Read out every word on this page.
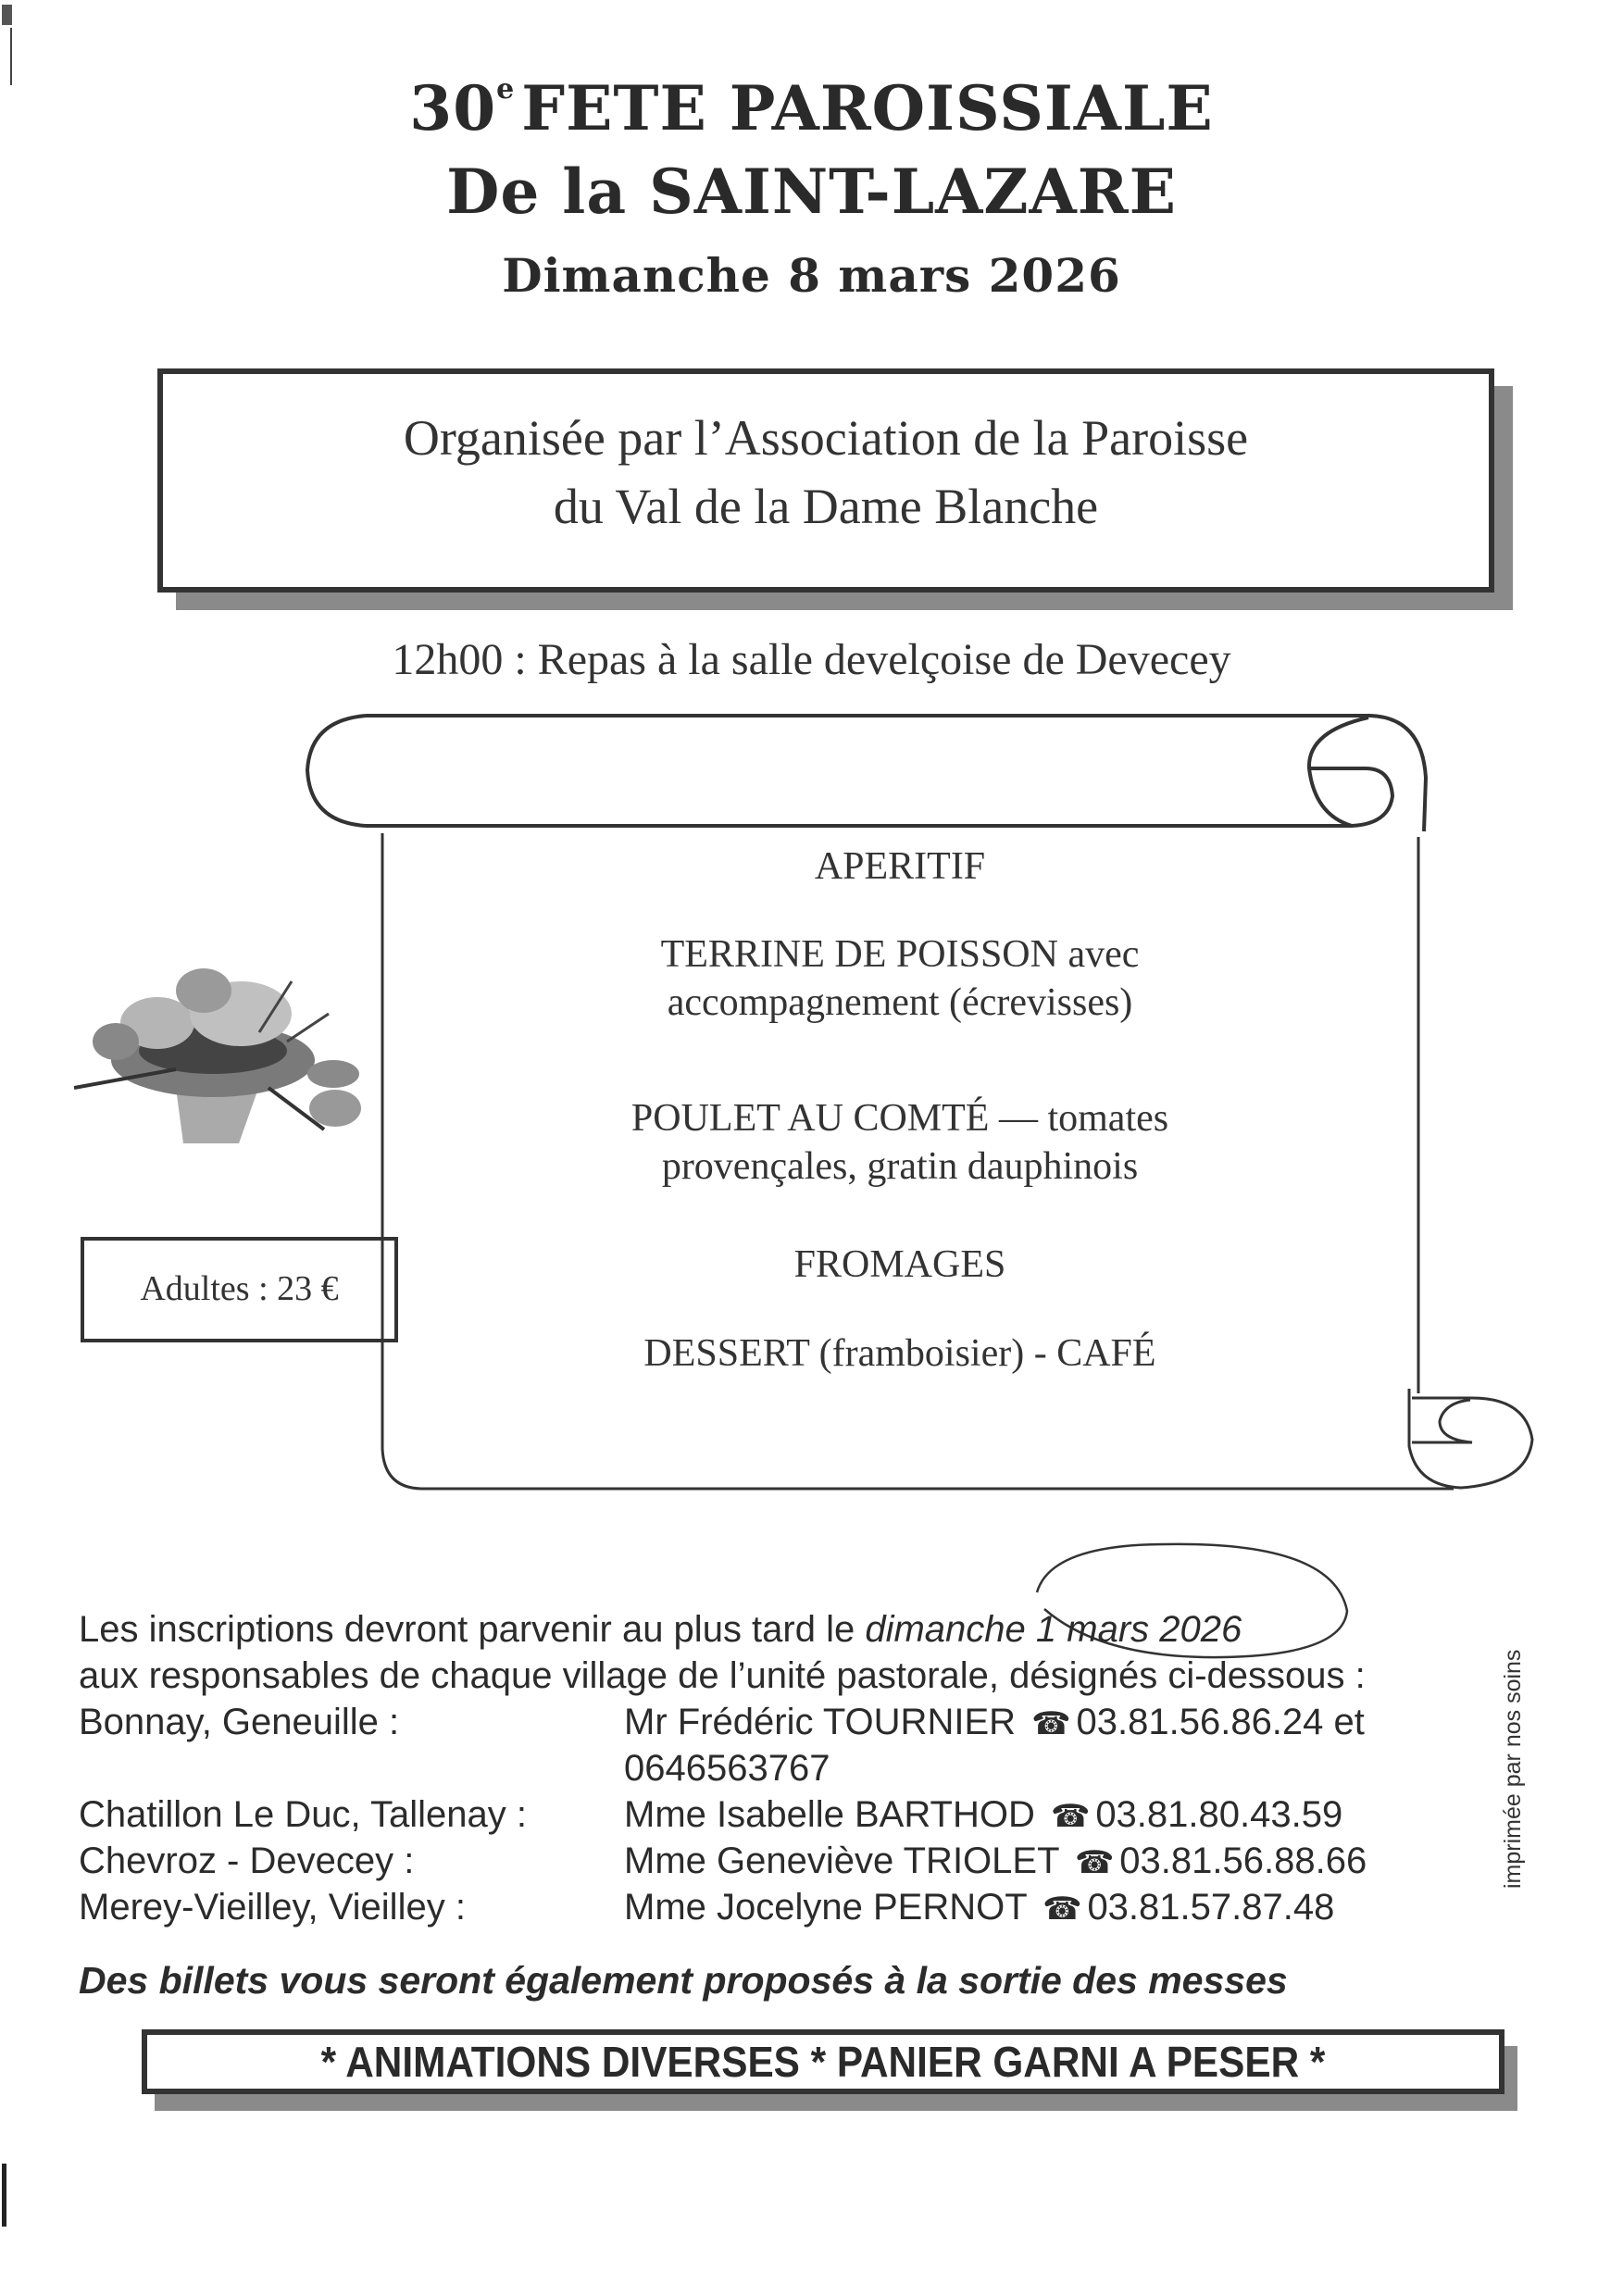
30e FETE PAROISSIALE
De la SAINT-LAZARE
Dimanche 8 mars 2026
Organisée par l’Association de la Paroisse
du Val de la Dame Blanche
12h00 : Repas à la salle develçoise de Devecey
APERITIF
TERRINE DE POISSON avec
accompagnement (écrevisses)
POULET AU COMTÉ — tomates
provençales, gratin dauphinois
FROMAGES
DESSERT (framboisier) - CAFÉ
Adultes : 23 €
Les inscriptions devront parvenir au plus tard le dimanche 1 mars 2026
aux responsables de chaque village de l’unité pastorale, désignés ci-dessous :
Bonnay, Geneuille :	Mr Frédéric TOURNIER ☎ 03.81.56.86.24 et
0646563767
Chatillon Le Duc, Tallenay :	Mme Isabelle BARTHOD ☎ 03.81.80.43.59
Chevroz - Devecey :	Mme Geneviève TRIOLET ☎ 03.81.56.88.66
Merey-Vieilley, Vieilley :	Mme Jocelyne PERNOT ☎ 03.81.57.87.48
Des billets vous seront également proposés à la sortie des messes
imprimée par nos soins
* ANIMATIONS DIVERSES * PANIER GARNI A PESER *
